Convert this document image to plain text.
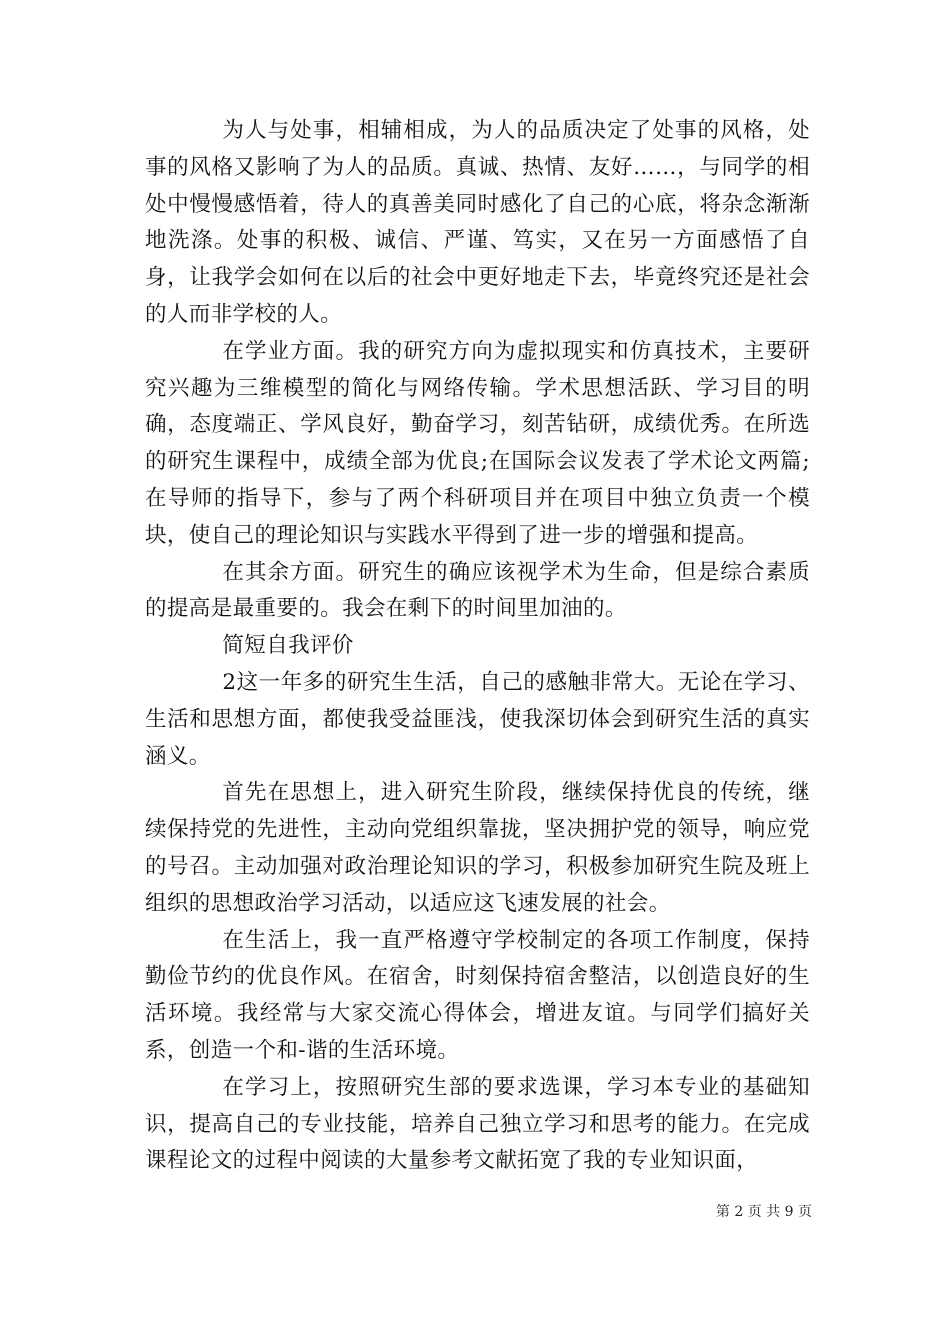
为人与处事，相辅相成，为人的品质决定了处事的风格，处事的风格又影响了为人的品质。真诚、热情、友好……，与同学的相处中慢慢感悟着，待人的真善美同时感化了自己的心底，将杂念渐渐地洗涤。处事的积极、诚信、严谨、笃实，又在另一方面感悟了自身，让我学会如何在以后的社会中更好地走下去，毕竟终究还是社会的人而非学校的人。

在学业方面。我的研究方向为虚拟现实和仿真技术，主要研究兴趣为三维模型的简化与网络传输。学术思想活跃、学习目的明确，态度端正、学风良好，勤奋学习，刻苦钻研，成绩优秀。在所选的研究生课程中，成绩全部为优良;在国际会议发表了学术论文两篇;在导师的指导下，参与了两个科研项目并在项目中独立负责一个模块，使自己的理论知识与实践水平得到了进一步的增强和提高。

在其余方面。研究生的确应该视学术为生命，但是综合素质的提高是最重要的。我会在剩下的时间里加油的。

简短自我评价

2这一年多的研究生生活，自己的感触非常大。无论在学习、生活和思想方面，都使我受益匪浅，使我深切体会到研究生活的真实涵义。

首先在思想上，进入研究生阶段，继续保持优良的传统，继续保持党的先进性，主动向党组织靠拢，坚决拥护党的领导，响应党的号召。主动加强对政治理论知识的学习，积极参加研究生院及班上组织的思想政治学习活动，以适应这飞速发展的社会。

在生活上，我一直严格遵守学校制定的各项工作制度，保持勤俭节约的优良作风。在宿舍，时刻保持宿舍整洁，以创造良好的生活环境。我经常与大家交流心得体会，增进友谊。与同学们搞好关系，创造一个和-谐的生活环境。

在学习上，按照研究生部的要求选课，学习本专业的基础知识，提高自己的专业技能，培养自己独立学习和思考的能力。在完成课程论文的过程中阅读的大量参考文献拓宽了我的专业知识面，

第 2 页 共 9 页
